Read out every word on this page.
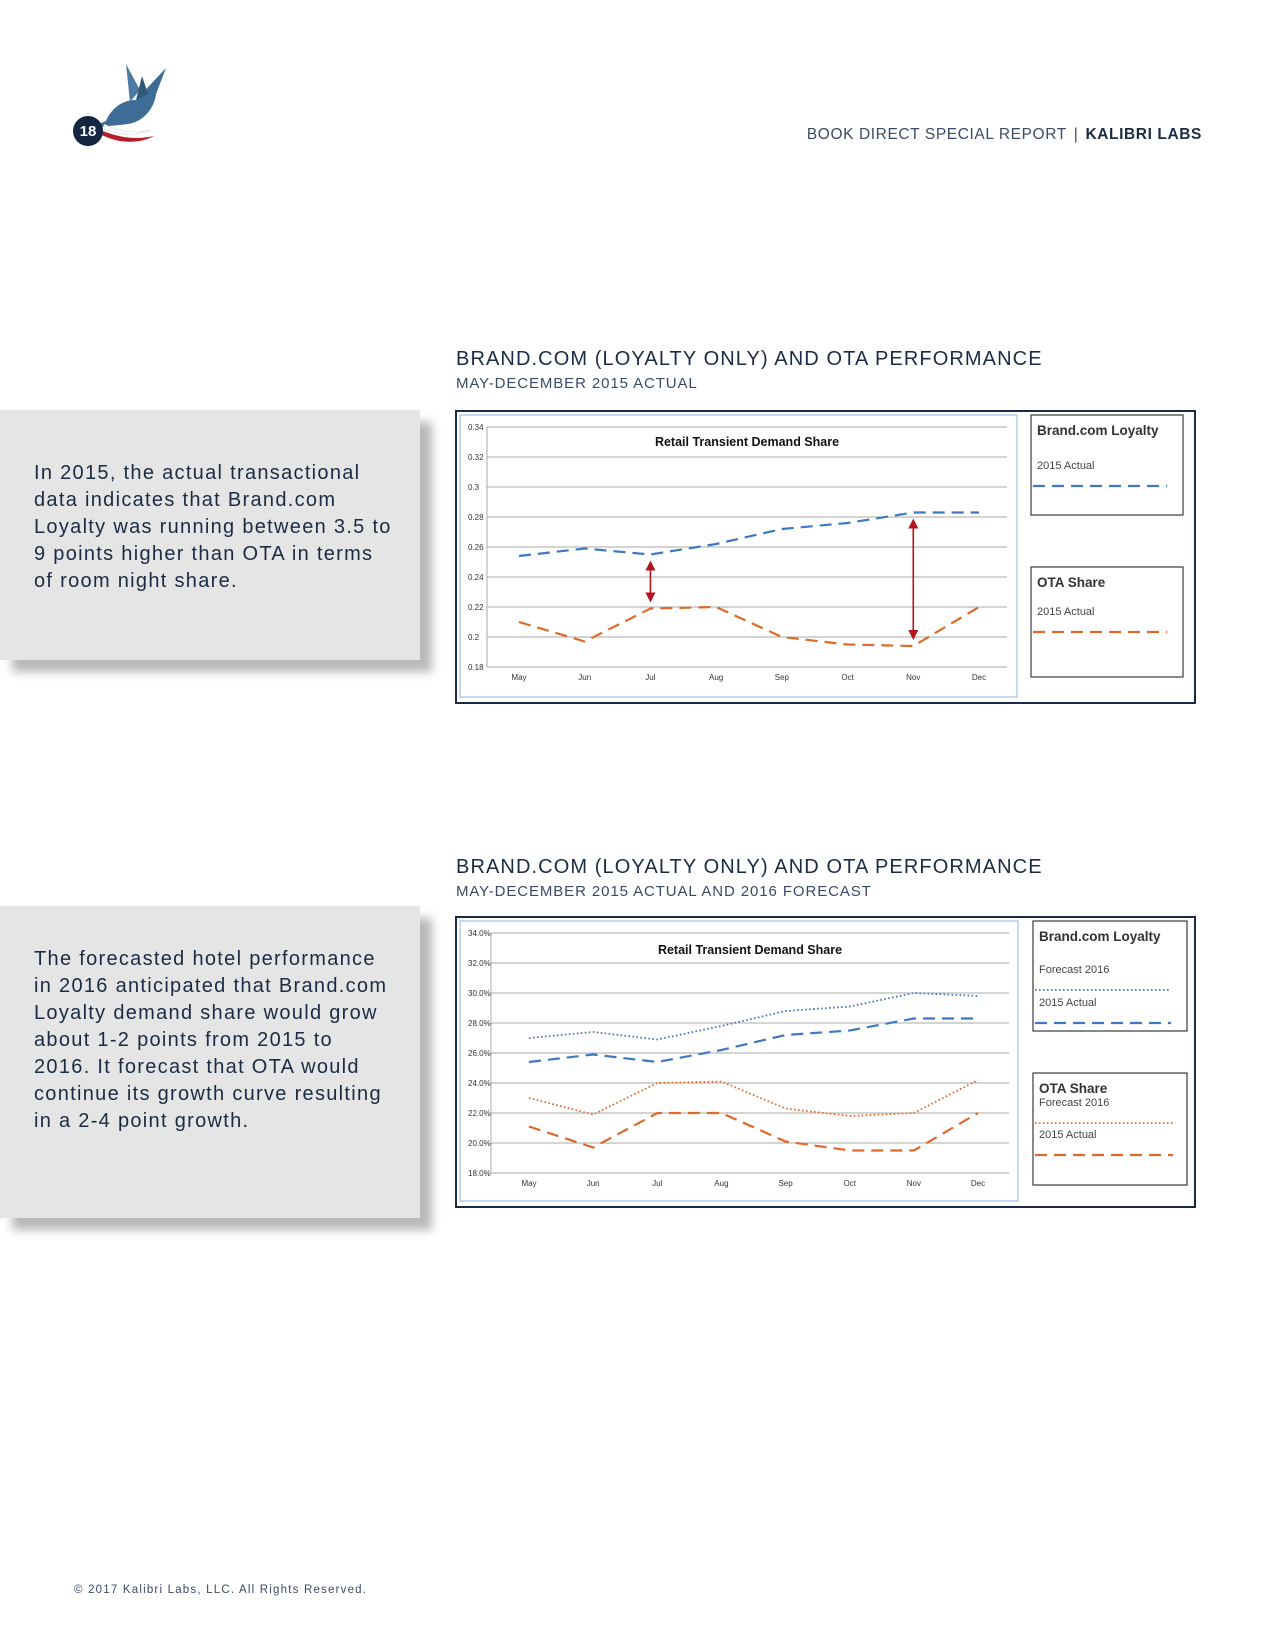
18	BOOK DIRECT SPECIAL REPORT | KALIBRI LABS
BRAND.COM (LOYALTY ONLY) AND OTA PERFORMANCE
MAY-DECEMBER 2015 ACTUAL

In 2015, the actual transactional data indicates that Brand.com Loyalty was running between 3.5 to 9 points higher than OTA in terms of room night share.

0.34
0.32
0.3
0.28
0.26
0.24
0.22
0.2
0.18
May	Jun	Jul	Aug	Sep	Oct	Nov	Dec
Retail Transient Demand Share
Brand.com Loyalty
2015 Actual
OTA Share
2015 Actual
BRAND.COM (LOYALTY ONLY) AND OTA PERFORMANCE
MAY-DECEMBER 2015 ACTUAL AND 2016 FORECAST

The forecasted hotel performance in 2016 anticipated that Brand.com Loyalty demand share would grow about 1-2 points from 2015 to 2016. It forecast that OTA would continue its growth curve resulting in a 2-4 point growth.

34.0%
32.0%
30.0%
28.0%
26.0%
24.0%
22.0%
20.0%
18.0%
May	Jun	Jul	Aug	Sep	Oct	Nov	Dec
Retail Transient Demand Share
Brand.com Loyalty
Forecast 2016
2015 Actual
OTA Share
Forecast 2016
2015 Actual
© 2017 Kalibri Labs, LLC. All Rights Reserved.
